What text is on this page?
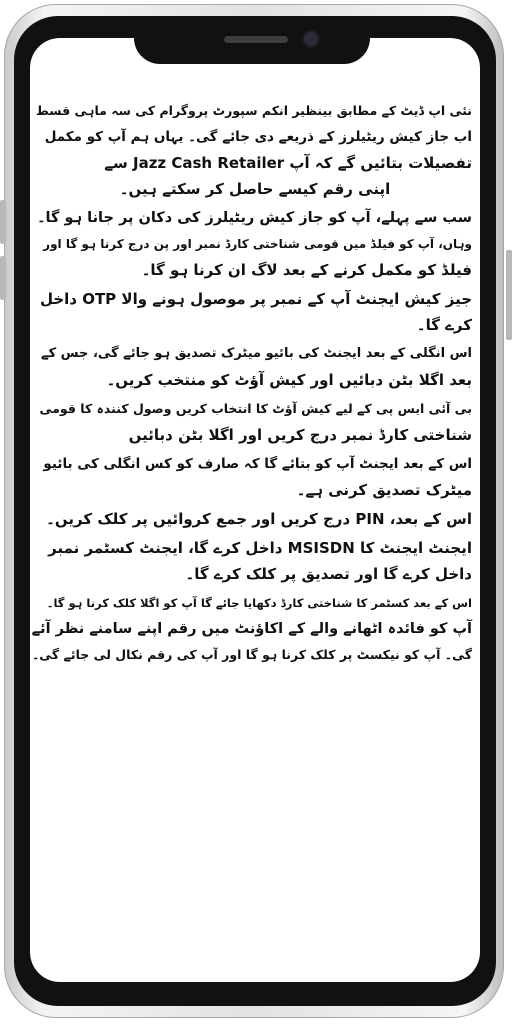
نئی اپ ڈیٹ کے مطابق بینظیر انکم سپورٹ پروگرام کی سہ ماہی قسط
اب جاز کیش ریٹیلرز کے ذریعے دی جائے گی۔ یہاں ہم آپ کو مکمل
تفصیلات بتائیں گے کہ آپ Jazz Cash Retailer سے
اپنی رقم کیسے حاصل کر سکتے ہیں۔
سب سے پہلے، آپ کو جاز کیش ریٹیلرز کی دکان پر جانا ہو گا۔
وہاں، آپ کو فیلڈ میں قومی شناختی کارڈ نمبر اور پن درج کرنا ہو گا اور
فیلڈ کو مکمل کرنے کے بعد لاگ ان کرنا ہو گا۔
جیز کیش ایجنٹ آپ کے نمبر پر موصول ہونے والا OTP داخل
کرے گا۔
اس انگلی کے بعد ایجنٹ کی بائیو میٹرک تصدیق ہو جائے گی، جس کے
بعد اگلا بٹن دبائیں اور کیش آؤٹ کو منتخب کریں۔
بی آئی ایس پی کے لیے کیش آؤٹ کا انتخاب کریں وصول کنندہ کا قومی
شناختی کارڈ نمبر درج کریں اور اگلا بٹن دبائیں
اس کے بعد ایجنٹ آپ کو بتائے گا کہ صارف کو کس انگلی کی بائیو
میٹرک تصدیق کرنی ہے۔
اس کے بعد، PIN درج کریں اور جمع کروائیں پر کلک کریں۔
ایجنٹ ایجنٹ کا MSISDN داخل کرے گا، ایجنٹ کسٹمر نمبر
داخل کرے گا اور تصدیق پر کلک کرے گا۔
اس کے بعد کسٹمر کا شناختی کارڈ دکھایا جائے گا آپ کو اگلا کلک کرنا ہو گا۔
آپ کو فائدہ اٹھانے والے کے اکاؤنٹ میں رقم اپنے سامنے نظر آئے
گی۔ آپ کو نیکسٹ پر کلک کرنا ہو گا اور آپ کی رقم نکال لی جائے گی۔
